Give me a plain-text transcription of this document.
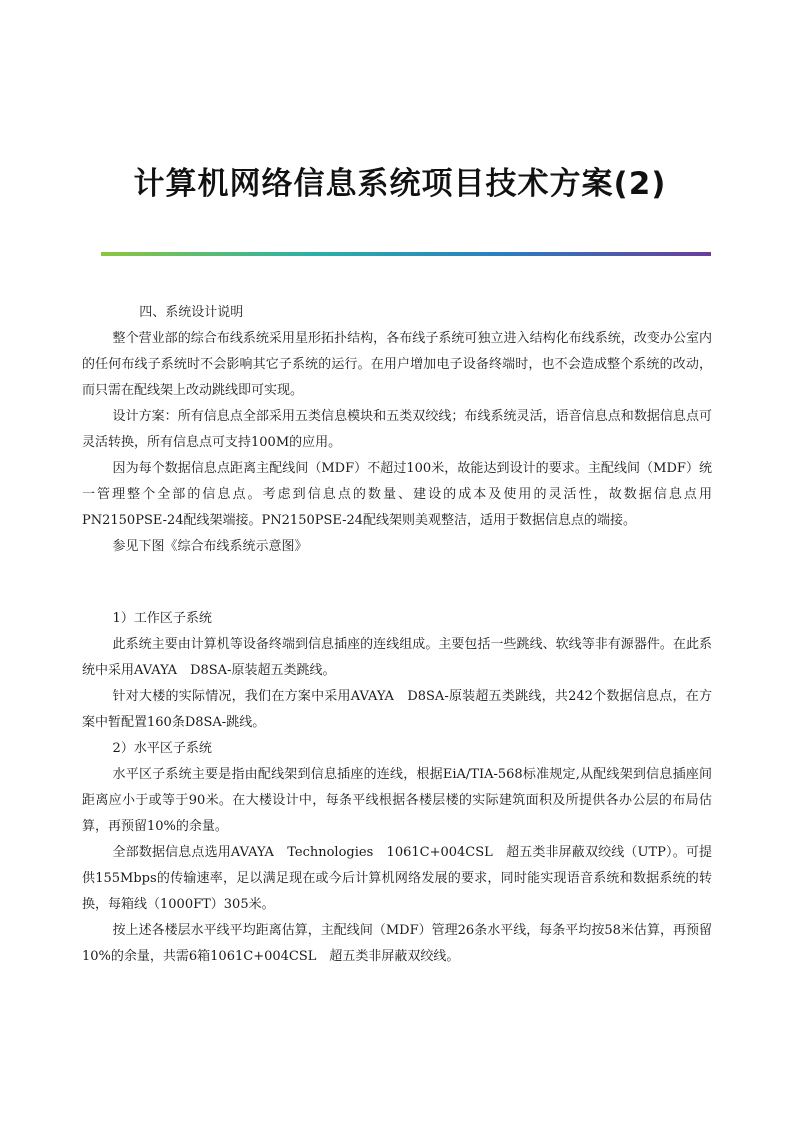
计算机网络信息系统项目技术方案(2)

四、系统设计说明

整个营业部的综合布线系统采用星形拓扑结构，各布线子系统可独立进入结构化布线系统，改变办公室内的任何布线子系统时不会影响其它子系统的运行。在用户增加电子设备终端时，也不会造成整个系统的改动，而只需在配线架上改动跳线即可实现。

设计方案：所有信息点全部采用五类信息模块和五类双绞线；布线系统灵活，语音信息点和数据信息点可灵活转换，所有信息点可支持100M的应用。

因为每个数据信息点距离主配线间（MDF）不超过100米，故能达到设计的要求。主配线间（MDF）统一管理整个全部的信息点。考虑到信息点的数量、建设的成本及使用的灵活性，故数据信息点用PN2150PSE-24配线架端接。PN2150PSE-24配线架则美观整洁，适用于数据信息点的端接。

参见下图《综合布线系统示意图》

1）工作区子系统

此系统主要由计算机等设备终端到信息插座的连线组成。主要包括一些跳线、软线等非有源器件。在此系统中采用AVAYA　D8SA-原装超五类跳线。

针对大楼的实际情况，我们在方案中采用AVAYA　D8SA-原装超五类跳线，共242个数据信息点，在方案中暂配置160条D8SA-跳线。

2）水平区子系统

水平区子系统主要是指由配线架到信息插座的连线，根据EiA/TIA-568标准规定,从配线架到信息插座间距离应小于或等于90米。在大楼设计中，每条平线根据各楼层楼的实际建筑面积及所提供各办公层的布局估算，再预留10%的余量。

全部数据信息点选用AVAYA　Technologies　1061C+004CSL　超五类非屏蔽双绞线（UTP）。可提供155Mbps的传输速率，足以满足现在或今后计算机网络发展的要求，同时能实现语音系统和数据系统的转换，每箱线（1000FT）305米。

按上述各楼层水平线平均距离估算，主配线间（MDF）管理26条水平线，每条平均按58米估算，再预留10%的余量，共需6箱1061C+004CSL　超五类非屏蔽双绞线。
